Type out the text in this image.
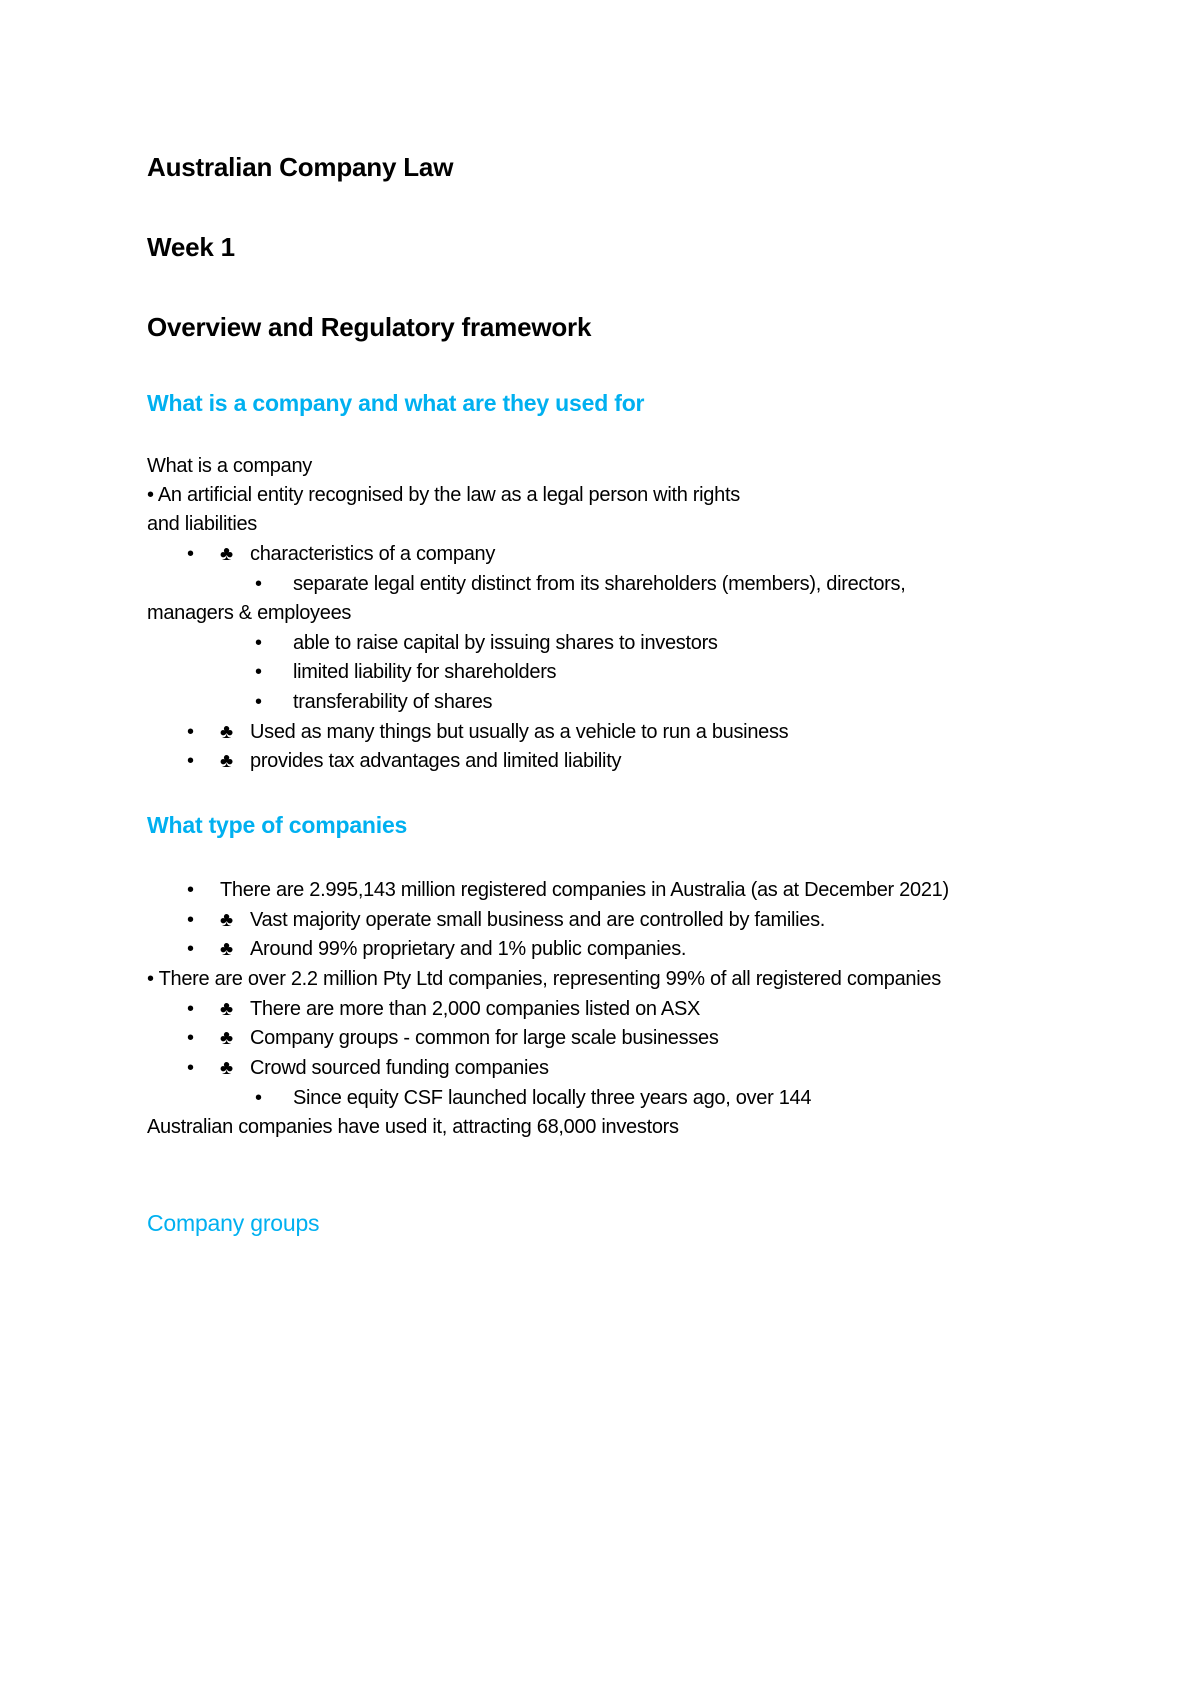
Australian Company Law
Week 1
Overview and Regulatory framework
What is a company and what are they used for
What is a company
• An artificial entity recognised by the law as a legal person with rights
and liabilities
• ♣ characteristics of a company
• separate legal entity distinct from its shareholders (members), directors,
managers & employees
• able to raise capital by issuing shares to investors
• limited liability for shareholders
• transferability of shares
• ♣ Used as many things but usually as a vehicle to run a business
• ♣ provides tax advantages and limited liability
What type of companies
• There are 2.995,143 million registered companies in Australia (as at December 2021)
• ♣ Vast majority operate small business and are controlled by families.
• ♣ Around 99% proprietary and 1% public companies.
• There are over 2.2 million Pty Ltd companies, representing 99% of all registered companies
• ♣ There are more than 2,000 companies listed on ASX
• ♣ Company groups - common for large scale businesses
• ♣ Crowd sourced funding companies
• Since equity CSF launched locally three years ago, over 144
Australian companies have used it, attracting 68,000 investors
Company groups
